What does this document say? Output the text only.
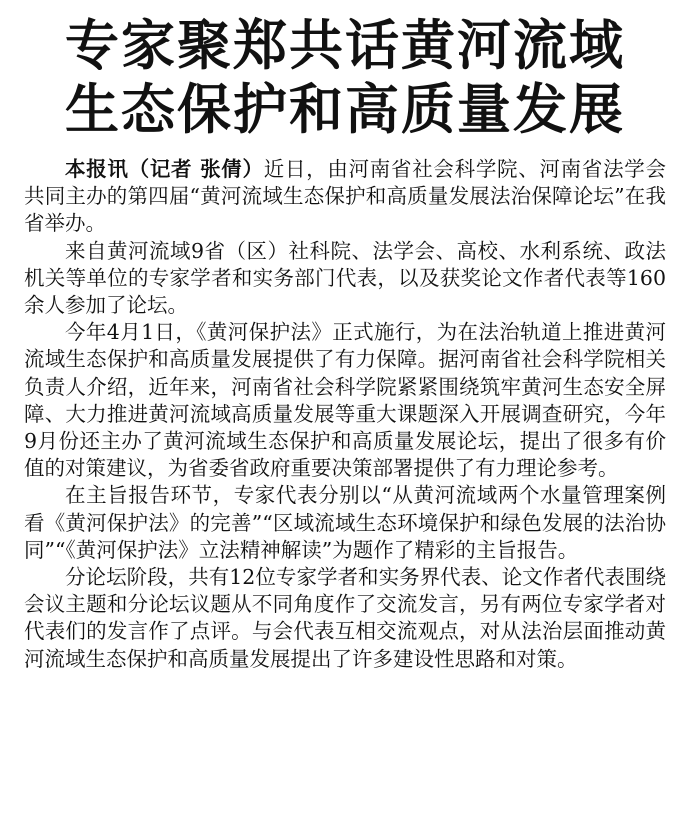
专家聚郑共话黄河流域
生态保护和高质量发展

本报讯（记者 张倩）近日，由河南省社会科学院、河南省法学会共同主办的第四届“黄河流域生态保护和高质量发展法治保障论坛”在我省举办。

来自黄河流域9省（区）社科院、法学会、高校、水利系统、政法机关等单位的专家学者和实务部门代表，以及获奖论文作者代表等160余人参加了论坛。

今年4月1日，《黄河保护法》正式施行，为在法治轨道上推进黄河流域生态保护和高质量发展提供了有力保障。据河南省社会科学院相关负责人介绍，近年来，河南省社会科学院紧紧围绕筑牢黄河生态安全屏障、大力推进黄河流域高质量发展等重大课题深入开展调查研究，今年9月份还主办了黄河流域生态保护和高质量发展论坛，提出了很多有价值的对策建议，为省委省政府重要决策部署提供了有力理论参考。

在主旨报告环节，专家代表分别以“从黄河流域两个水量管理案例看《黄河保护法》的完善”“区域流域生态环境保护和绿色发展的法治协同”“《黄河保护法》立法精神解读”为题作了精彩的主旨报告。

分论坛阶段，共有12位专家学者和实务界代表、论文作者代表围绕会议主题和分论坛议题从不同角度作了交流发言，另有两位专家学者对代表们的发言作了点评。与会代表互相交流观点，对从法治层面推动黄河流域生态保护和高质量发展提出了许多建设性思路和对策。
